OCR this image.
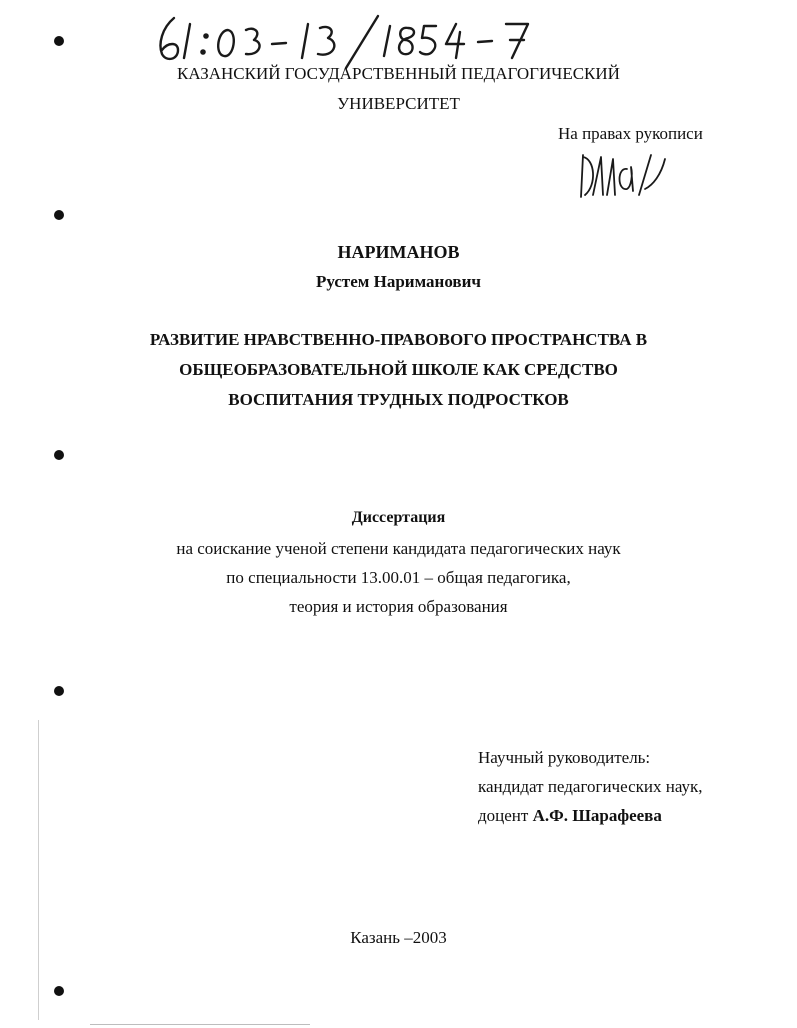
КАЗАНСКИЙ ГОСУДАРСТВЕННЫЙ ПЕДАГОГИЧЕСКИЙ
УНИВЕРСИТЕТ
На правах рукописи
НАРИМАНОВ
Рустем Нариманович
РАЗВИТИЕ НРАВСТВЕННО-ПРАВОВОГО ПРОСТРАНСТВА В
ОБЩЕОБРАЗОВАТЕЛЬНОЙ ШКОЛЕ КАК СРЕДСТВО
ВОСПИТАНИЯ ТРУДНЫХ ПОДРОСТКОВ
Диссертация
на соискание ученой степени кандидата педагогических наук
по специальности 13.00.01 – общая педагогика,
теория и история образования
Научный руководитель:
кандидат педагогических наук,
доцент А.Ф. Шарафеева
Казань –2003
